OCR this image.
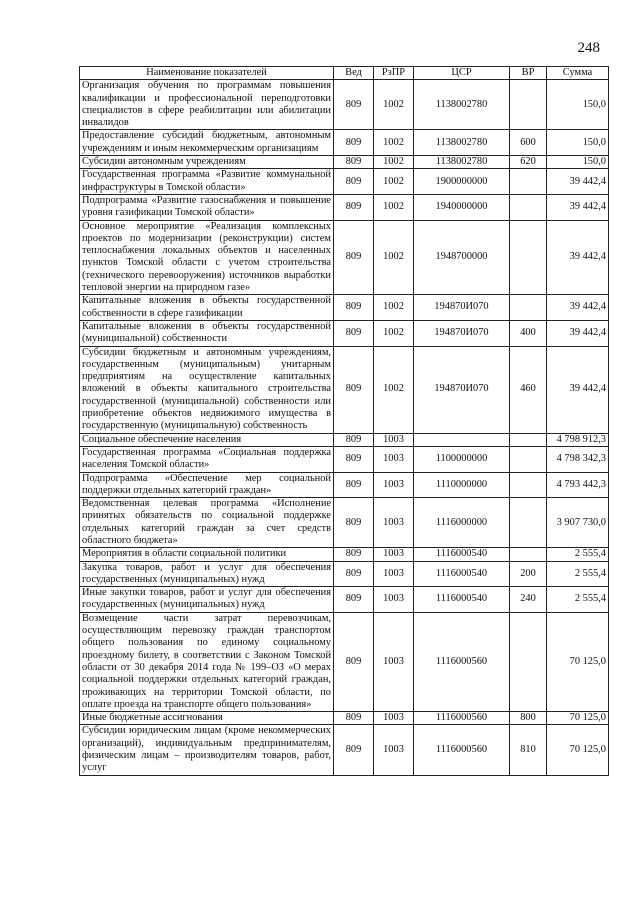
248
Наименование показателей	Вед	РзПР	ЦСР	ВР	Сумма
Организация обучения по программам повышения квалификации и профессиональной переподготовки специалистов в сфере реабилитации или абилитации инвалидов	809	1002	1138002780		150,0
Предоставление субсидий бюджетным, автономным учреждениям и иным некоммерческим организациям	809	1002	1138002780	600	150,0
Субсидии автономным учреждениям	809	1002	1138002780	620	150,0
Государственная программа «Развитие коммунальной инфраструктуры в Томской области»	809	1002	1900000000		39 442,4
Подпрограмма «Развитие газоснабжения и повышение уровня газификации Томской области»	809	1002	1940000000		39 442,4
Основное мероприятие «Реализация комплексных проектов по модернизации (реконструкции) систем теплоснабжения локальных объектов и населенных пунктов Томской области с учетом строительства (технического перевооружения) источников выработки тепловой энергии на природном газе»	809	1002	1948700000		39 442,4
Капитальные вложения в объекты государственной собственности в сфере газификации	809	1002	194870И070		39 442,4
Капитальные вложения в объекты государственной (муниципальной) собственности	809	1002	194870И070	400	39 442,4
Субсидии бюджетным и автономным учреждениям, государственным (муниципальным) унитарным предприятиям на осуществление капитальных вложений в объекты капитального строительства государственной (муниципальной) собственности или приобретение объектов недвижимого имущества в государственную (муниципальную) собственность	809	1002	194870И070	460	39 442,4
Социальное обеспечение населения	809	1003			4 798 912,3
Государственная программа «Социальная поддержка населения Томской области»	809	1003	1100000000		4 798 342,3
Подпрограмма «Обеспечение мер социальной поддержки отдельных категорий граждан»	809	1003	1110000000		4 793 442,3
Ведомственная целевая программа «Исполнение принятых обязательств по социальной поддержке отдельных категорий граждан за счет средств областного бюджета»	809	1003	1116000000		3 907 730,0
Мероприятия в области социальной политики	809	1003	1116000540		2 555,4
Закупка товаров, работ и услуг для обеспечения государственных (муниципальных) нужд	809	1003	1116000540	200	2 555,4
Иные закупки товаров, работ и услуг для обеспечения государственных (муниципальных) нужд	809	1003	1116000540	240	2 555,4
Возмещение части затрат перевозчикам, осуществляющим перевозку граждан транспортом общего пользования по единому социальному проездному билету, в соответствии с Законом Томской области от 30 декабря 2014 года № 199–ОЗ «О мерах социальной поддержки отдельных категорий граждан, проживающих на территории Томской области, по оплате проезда на транспорте общего пользования»	809	1003	1116000560		70 125,0
Иные бюджетные ассигнования	809	1003	1116000560	800	70 125,0
Субсидии юридическим лицам (кроме некоммерческих организаций), индивидуальным предпринимателям, физическим лицам – производителям товаров, работ, услуг	809	1003	1116000560	810	70 125,0
